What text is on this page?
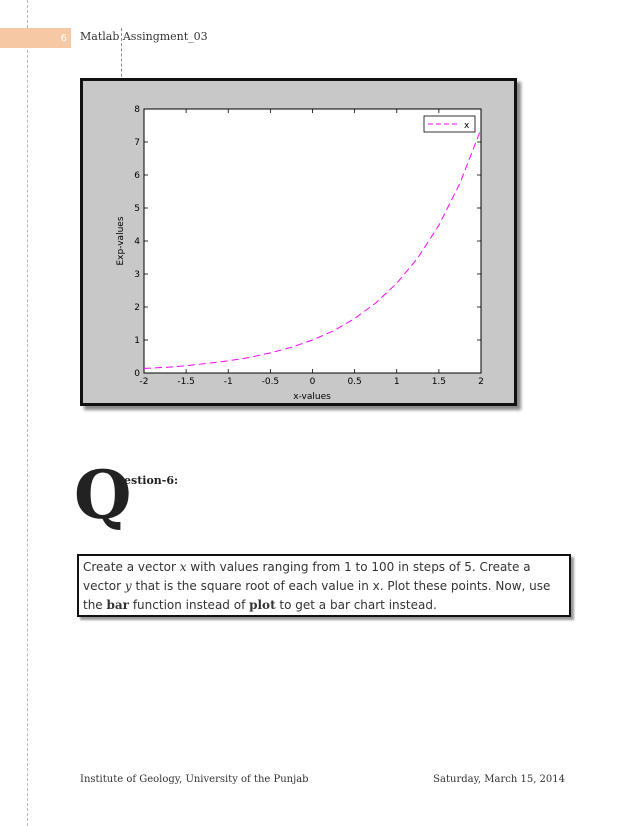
6 Matlab Assingment_03
-2	-1.5	-1	-0.5	0	0.5	1	1.5	2
0
1
2
3
4
5
6
7
8
x
x-values
Exp-values
Q
uestion-6:
Create a vector x with values ranging from 1 to 100 in steps of 5. Create a vector y that is the square root of each value in x. Plot these points. Now, use the bar function instead of plot to get a bar chart instead.
Institute of Geology, University of the Punjab	Saturday, March 15, 2014
